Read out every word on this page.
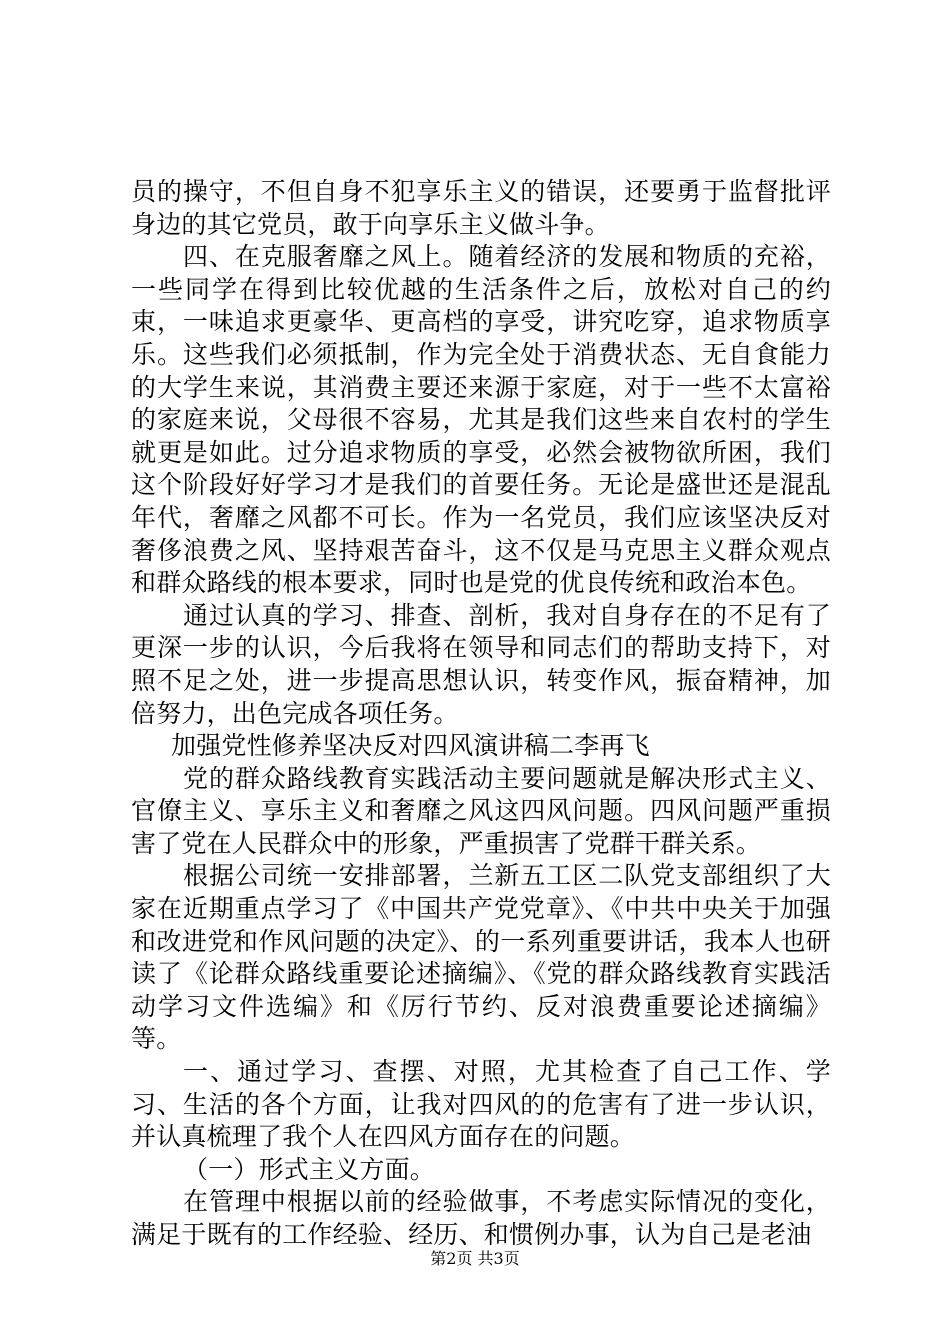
员的操守，不但自身不犯享乐主义的错误，还要勇于监督批评身边的其它党员，敢于向享乐主义做斗争。

四、在克服奢靡之风上。随着经济的发展和物质的充裕，一些同学在得到比较优越的生活条件之后，放松对自己的约束，一味追求更豪华、更高档的享受，讲究吃穿，追求物质享乐。这些我们必须抵制，作为完全处于消费状态、无自食能力的大学生来说，其消费主要还来源于家庭，对于一些不太富裕的家庭来说，父母很不容易，尤其是我们这些来自农村的学生就更是如此。过分追求物质的享受，必然会被物欲所困，我们这个阶段好好学习才是我们的首要任务。无论是盛世还是混乱年代，奢靡之风都不可长。作为一名党员，我们应该坚决反对奢侈浪费之风、坚持艰苦奋斗，这不仅是马克思主义群众观点和群众路线的根本要求，同时也是党的优良传统和政治本色。

通过认真的学习、排查、剖析，我对自身存在的不足有了更深一步的认识，今后我将在领导和同志们的帮助支持下，对照不足之处，进一步提高思想认识，转变作风，振奋精神，加倍努力，出色完成各项任务。

加强党性修养坚决反对四风演讲稿二李再飞

党的群众路线教育实践活动主要问题就是解决形式主义、官僚主义、享乐主义和奢靡之风这四风问题。四风问题严重损害了党在人民群众中的形象，严重损害了党群干群关系。

根据公司统一安排部署，兰新五工区二队党支部组织了大家在近期重点学习了《中国共产党党章》、《中共中央关于加强和改进党和作风问题的决定》、的一系列重要讲话，我本人也研读了《论群众路线重要论述摘编》、《党的群众路线教育实践活动学习文件选编》和《厉行节约、反对浪费重要论述摘编》等。

一、通过学习、查摆、对照，尤其检查了自己工作、学习、生活的各个方面，让我对四风的的危害有了进一步认识，并认真梳理了我个人在四风方面存在的问题。

（一）形式主义方面。

在管理中根据以前的经验做事，不考虑实际情况的变化，满足于既有的工作经验、经历、和惯例办事，认为自己是老油

第2页 共3页
